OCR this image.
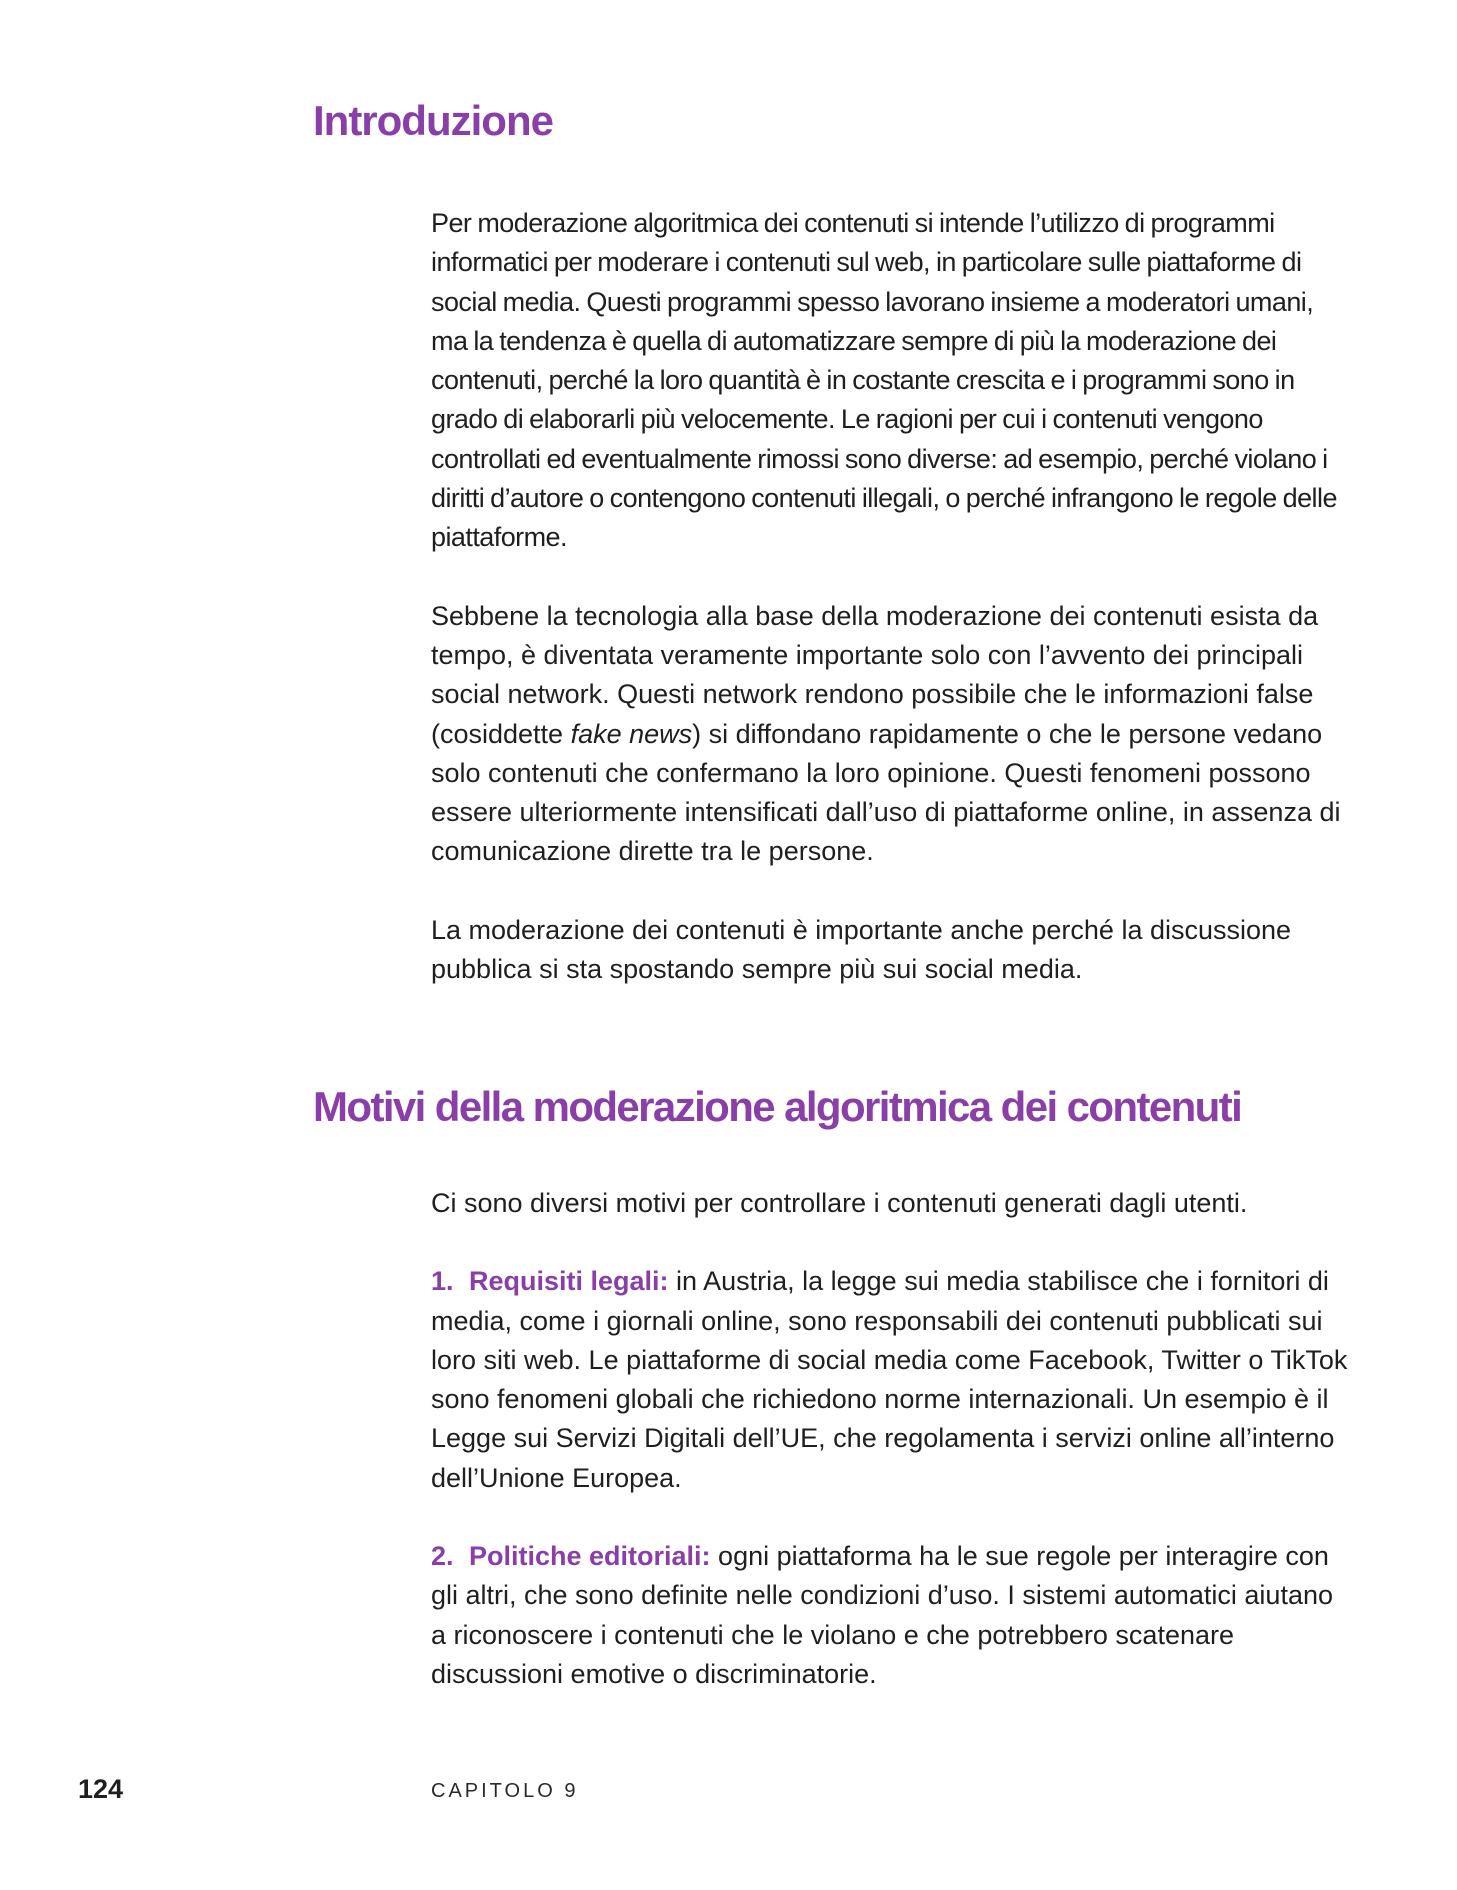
Introduzione

Per moderazione algoritmica dei contenuti si intende l’utilizzo di programmi informatici per moderare i contenuti sul web, in particolare sulle piattaforme di social media. Questi programmi spesso lavorano insieme a moderatori umani, ma la tendenza è quella di automatizzare sempre di più la moderazione dei contenuti, perché la loro quantità è in costante crescita e i programmi sono in grado di elaborarli più velocemente. Le ragioni per cui i contenuti vengono controllati ed eventualmente rimossi sono diverse: ad esempio, perché violano i diritti d’autore o contengono contenuti illegali, o perché infrangono le regole delle piattaforme.

Sebbene la tecnologia alla base della moderazione dei contenuti esista da tempo, è diventata veramente importante solo con l’avvento dei principali social network. Questi network rendono possibile che le informazioni false (cosiddette fake news) si diffondano rapidamente o che le persone vedano solo contenuti che confermano la loro opinione. Questi fenomeni possono essere ulteriormente intensificati dall’uso di piattaforme online, in assenza di comunicazione dirette tra le persone.

La moderazione dei contenuti è importante anche perché la discussione pubblica si sta spostando sempre più sui social media.

Motivi della moderazione algoritmica dei contenuti

Ci sono diversi motivi per controllare i contenuti generati dagli utenti.

1. Requisiti legali: in Austria, la legge sui media stabilisce che i fornitori di media, come i giornali online, sono responsabili dei contenuti pubblicati sui loro siti web. Le piattaforme di social media come Facebook, Twitter o TikTok sono fenomeni globali che richiedono norme internazionali. Un esempio è il Legge sui Servizi Digitali dell’UE, che regolamenta i servizi online all’interno dell’Unione Europea.

2. Politiche editoriali: ogni piattaforma ha le sue regole per interagire con gli altri, che sono definite nelle condizioni d’uso. I sistemi automatici aiutano a riconoscere i contenuti che le violano e che potrebbero scatenare discussioni emotive o discriminatorie.

124	CAPITOLO 9
